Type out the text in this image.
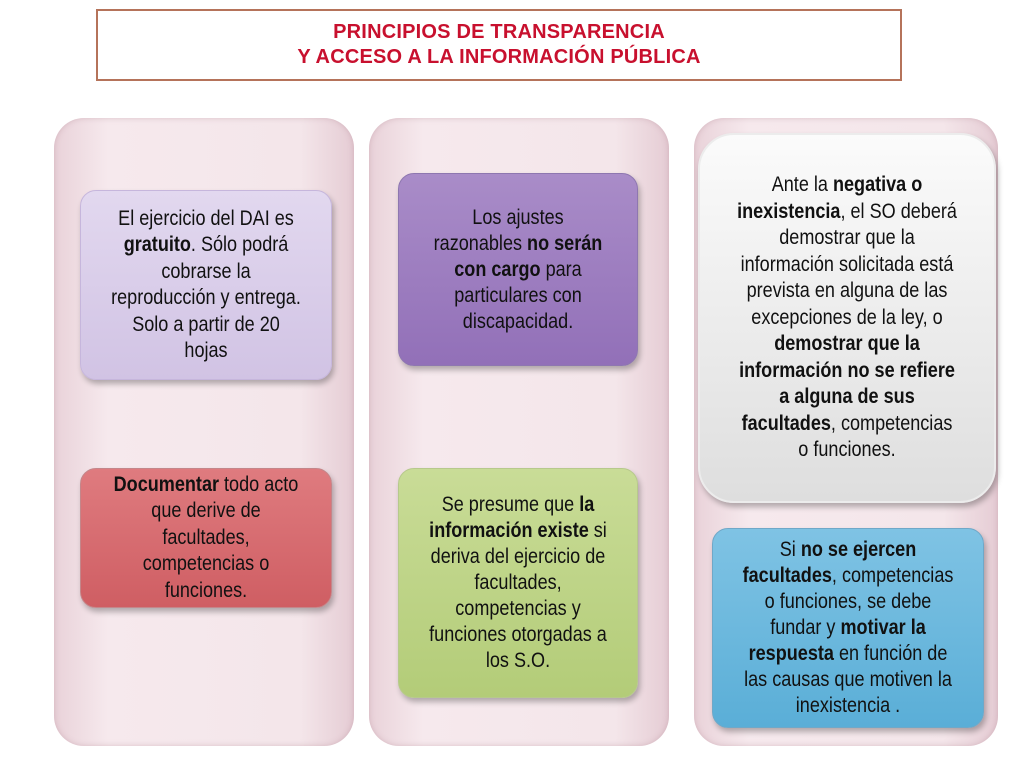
PRINCIPIOS DE TRANSPARENCIA
Y ACCESO A LA INFORMACIÓN PÚBLICA

El ejercicio del DAI es gratuito. Sólo podrá cobrarse la reproducción y entrega. Solo a partir de 20 hojas

Documentar todo acto que derive de facultades, competencias o funciones.

Los ajustes razonables no serán con cargo para particulares con discapacidad.

Se presume que la información existe si deriva del ejercicio de facultades, competencias y funciones otorgadas a los S.O.

Ante la negativa o inexistencia, el SO deberá demostrar que la información solicitada está prevista en alguna de las excepciones de la ley, o demostrar que la información no se refiere a alguna de sus facultades, competencias o funciones.

Si no se ejercen facultades, competencias o funciones, se debe fundar y motivar la respuesta en función de las causas que motiven la inexistencia .
